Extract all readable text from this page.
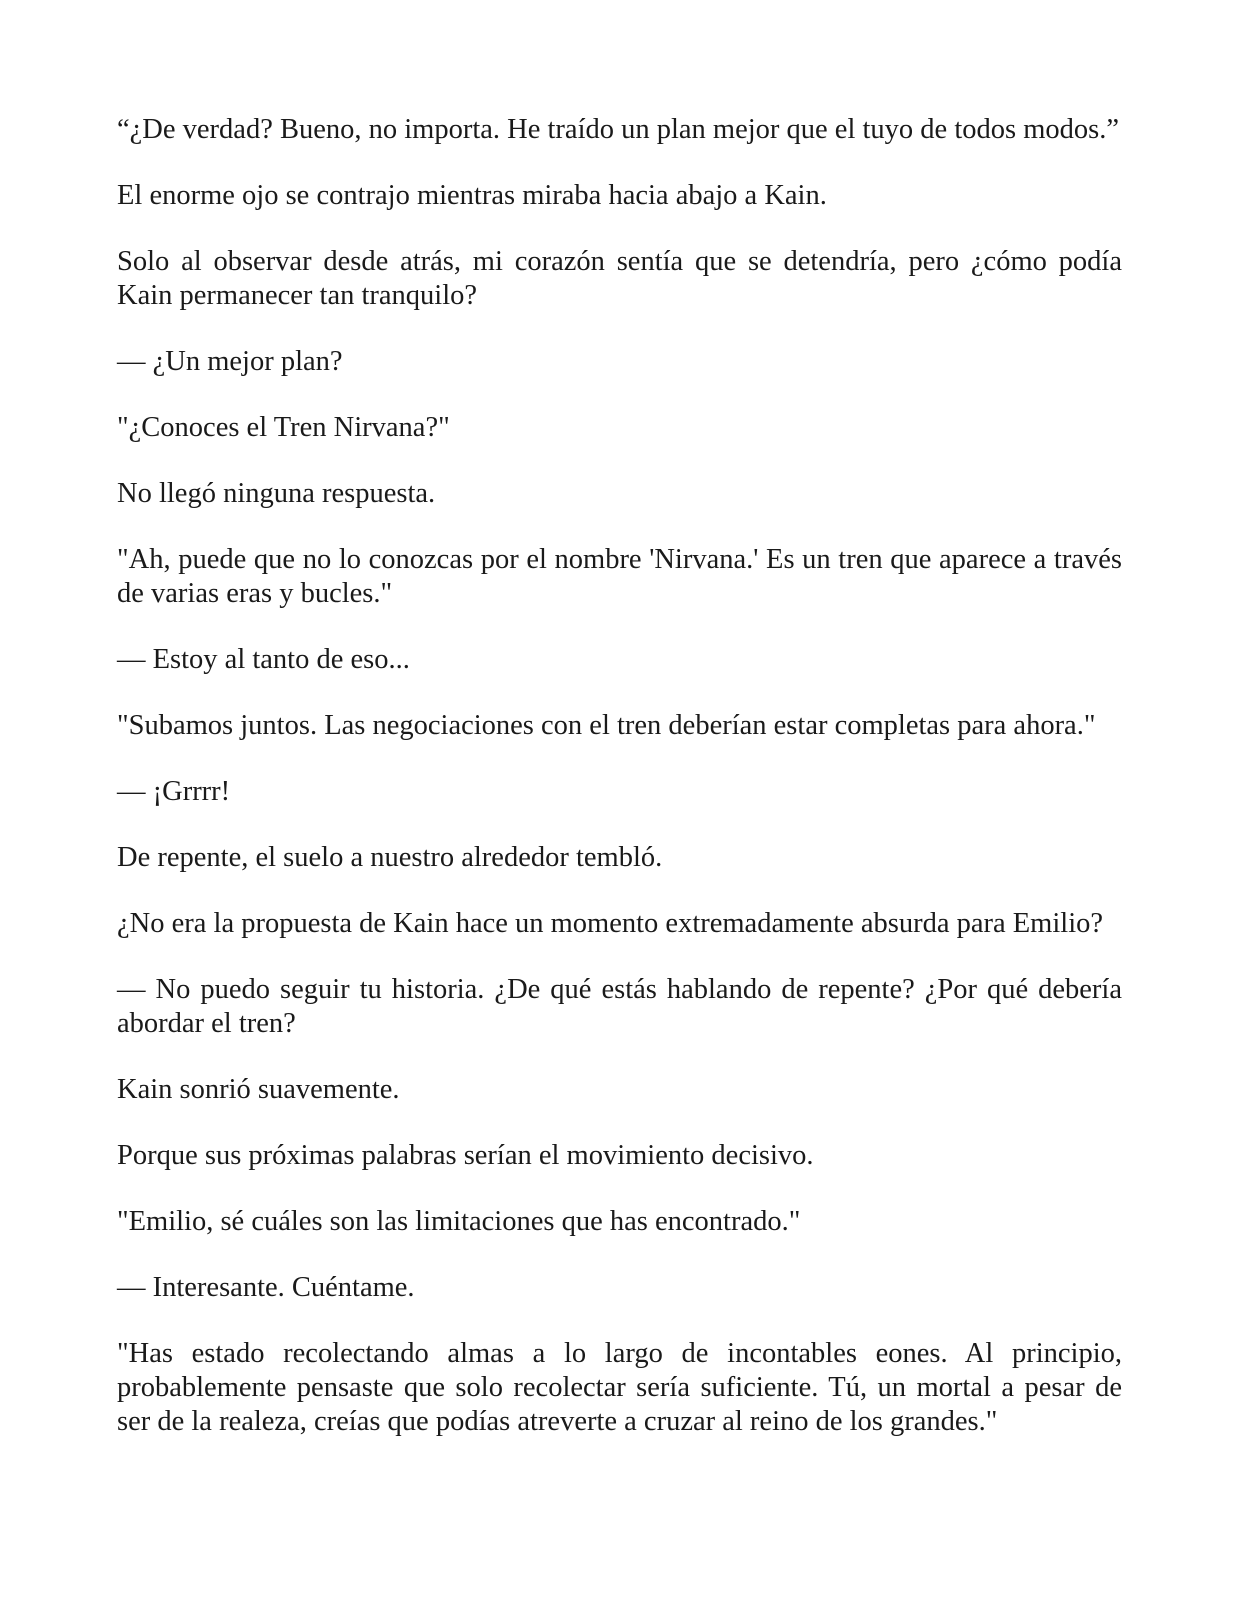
“¿De verdad? Bueno, no importa. He traído un plan mejor que el tuyo de todos modos.”

El enorme ojo se contrajo mientras miraba hacia abajo a Kain.

Solo al observar desde atrás, mi corazón sentía que se detendría, pero ¿cómo podía Kain permanecer tan tranquilo?

— ¿Un mejor plan?

"¿Conoces el Tren Nirvana?"

No llegó ninguna respuesta.

"Ah, puede que no lo conozcas por el nombre 'Nirvana.' Es un tren que aparece a través de varias eras y bucles."

— Estoy al tanto de eso...

"Subamos juntos. Las negociaciones con el tren deberían estar completas para ahora."

— ¡Grrrr!

De repente, el suelo a nuestro alrededor tembló.

¿No era la propuesta de Kain hace un momento extremadamente absurda para Emilio?

— No puedo seguir tu historia. ¿De qué estás hablando de repente? ¿Por qué debería abordar el tren?

Kain sonrió suavemente.

Porque sus próximas palabras serían el movimiento decisivo.

"Emilio, sé cuáles son las limitaciones que has encontrado."

— Interesante. Cuéntame.

"Has estado recolectando almas a lo largo de incontables eones. Al principio, probablemente pensaste que solo recolectar sería suficiente. Tú, un mortal a pesar de ser de la realeza, creías que podías atreverte a cruzar al reino de los grandes."
